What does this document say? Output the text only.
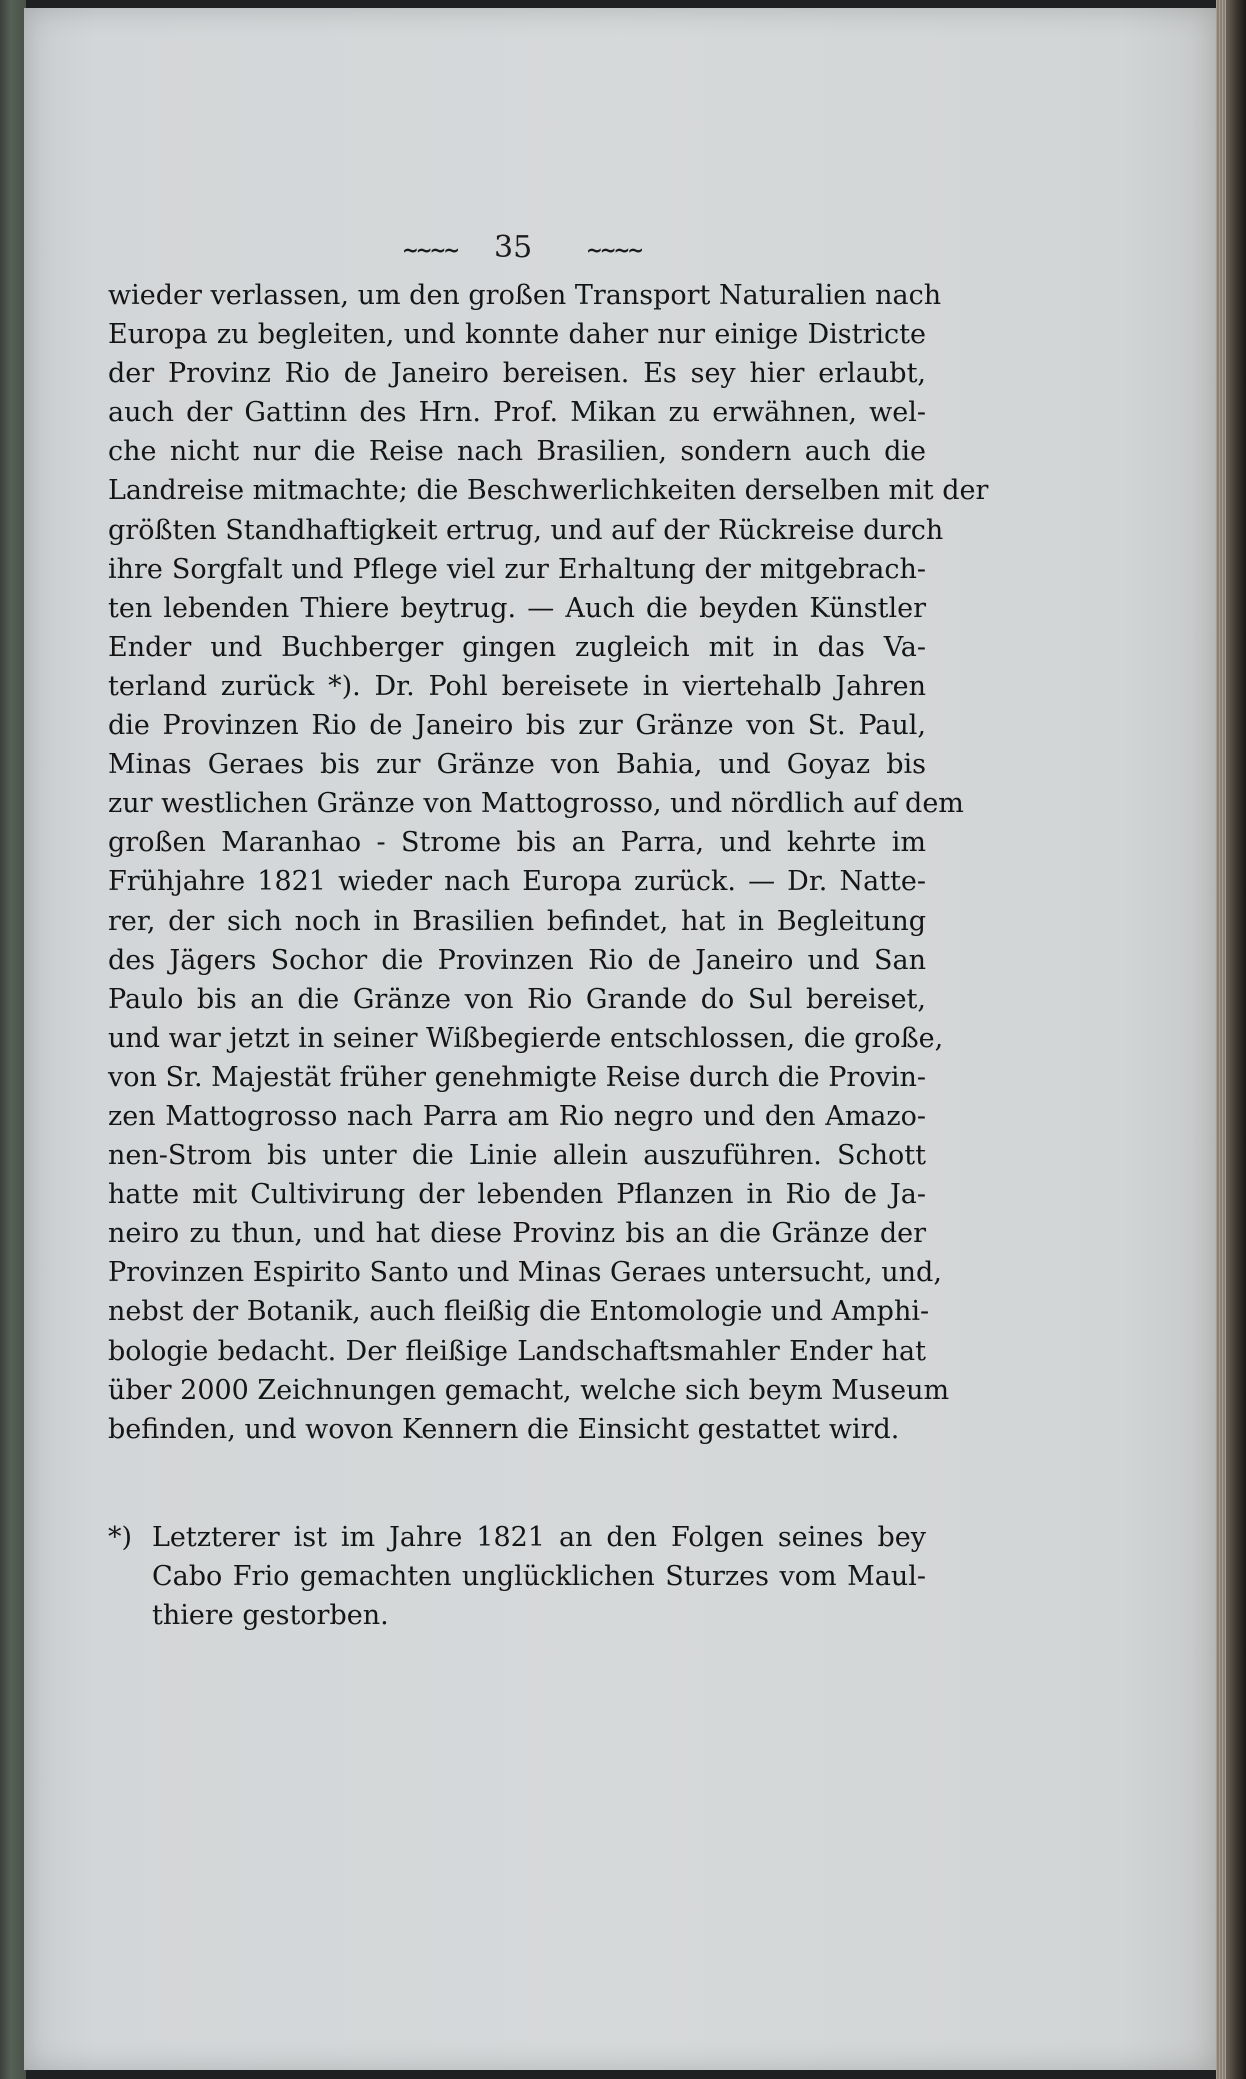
~~~~ 35	~~~~
wieder verlassen, um den großen Transport Naturalien nach
Europa zu begleiten, und konnte daher nur einige Districte
der Provinz Rio de Janeiro bereisen. Es sey hier erlaubt,
auch der Gattinn des Hrn. Prof. Mikan zu erwähnen, wel-
che nicht nur die Reise nach Brasilien, sondern auch die
Landreise mitmachte; die Beschwerlichkeiten derselben mit der
größten Standhaftigkeit ertrug, und auf der Rückreise durch
ihre Sorgfalt und Pflege viel zur Erhaltung der mitgebrach-
ten lebenden Thiere beytrug. — Auch die beyden Künstler
Ender und Buchberger gingen zugleich mit in das Va-
terland zurück *). Dr. Pohl bereisete in viertehalb Jahren
die Provinzen Rio de Janeiro bis zur Gränze von St. Paul,
Minas Geraes bis zur Gränze von Bahia, und Goyaz bis
zur westlichen Gränze von Mattogrosso, und nördlich auf dem
großen Maranhao - Strome bis an Parra, und kehrte im
Frühjahre 1821 wieder nach Europa zurück. — Dr. Natte-
rer, der sich noch in Brasilien befindet, hat in Begleitung
des Jägers Sochor die Provinzen Rio de Janeiro und San
Paulo bis an die Gränze von Rio Grande do Sul bereiset,
und war jetzt in seiner Wißbegierde entschlossen, die große,
von Sr. Majestät früher genehmigte Reise durch die Provin-
zen Mattogrosso nach Parra am Rio negro und den Amazo-
nen-Strom bis unter die Linie allein auszuführen. Schott
hatte mit Cultivirung der lebenden Pflanzen in Rio de Ja-
neiro zu thun, und hat diese Provinz bis an die Gränze der
Provinzen Espirito Santo und Minas Geraes untersucht, und,
nebst der Botanik, auch fleißig die Entomologie und Amphi-
bologie bedacht. Der fleißige Landschaftsmahler Ender hat
über 2000 Zeichnungen gemacht, welche sich beym Museum
befinden, und wovon Kennern die Einsicht gestattet wird.
*) Letzterer ist im Jahre 1821 an den Folgen seines bey
Cabo Frio gemachten unglücklichen Sturzes vom Maul-
thiere gestorben.
